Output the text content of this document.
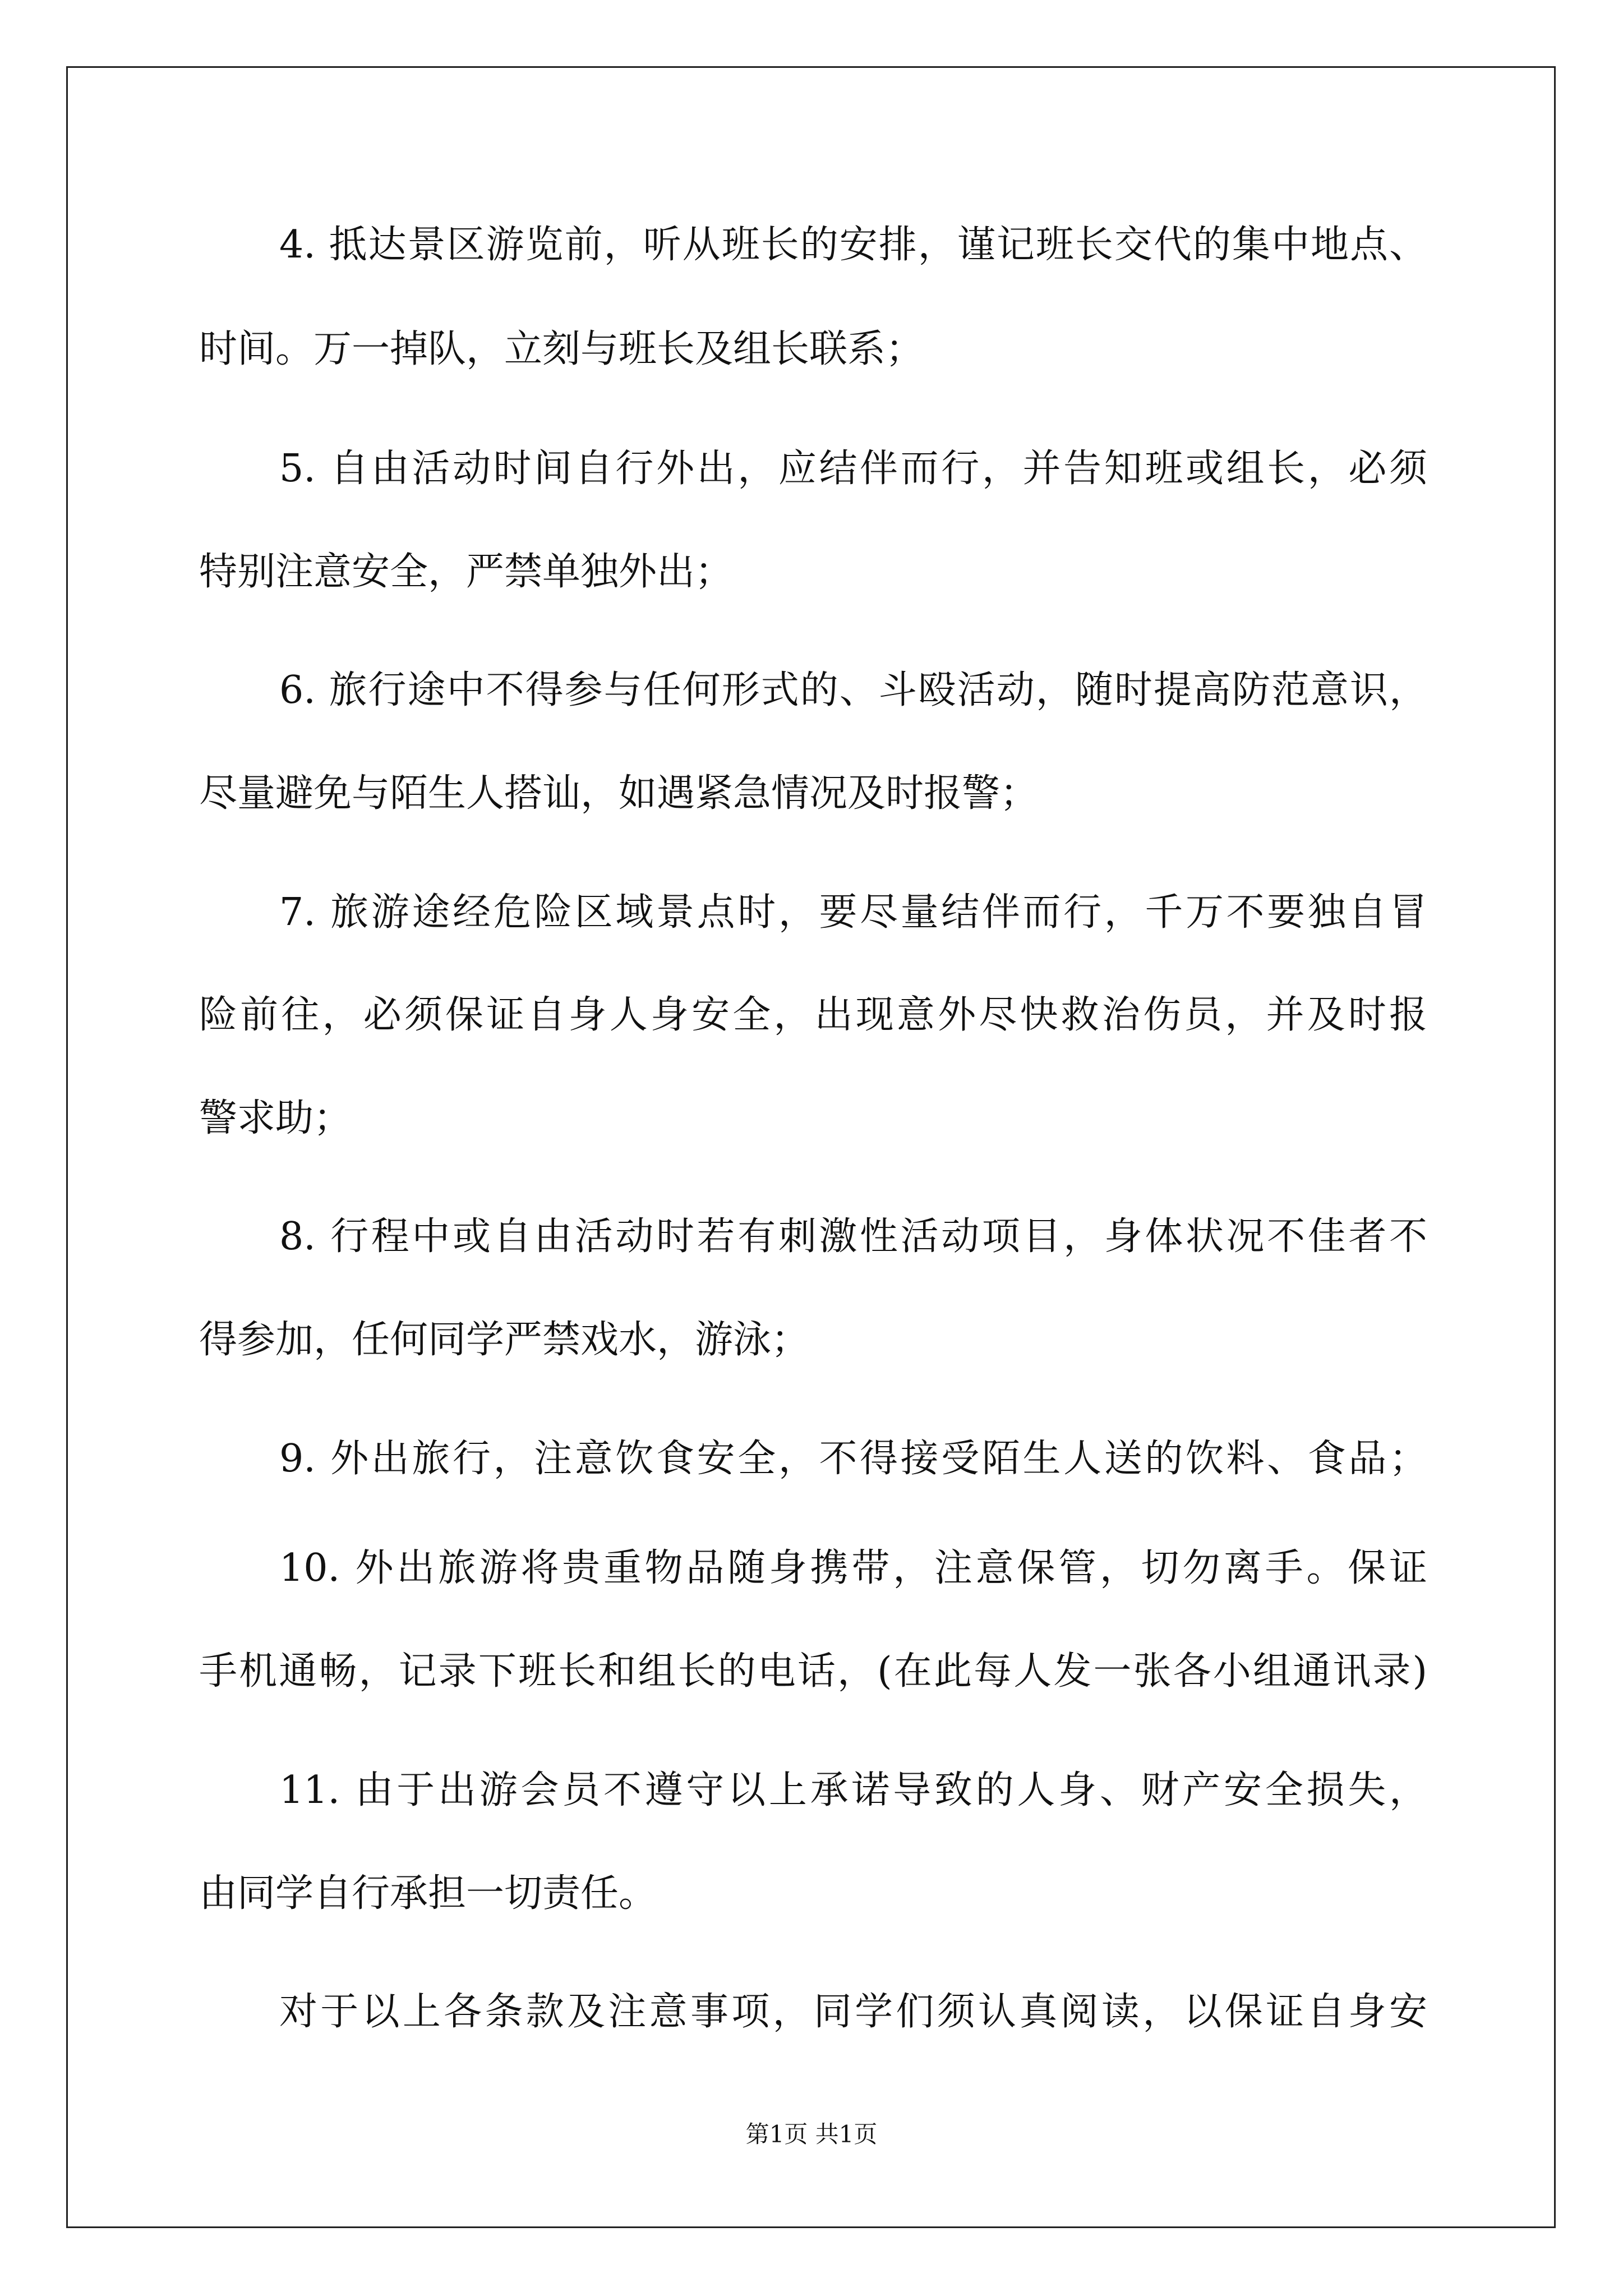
4. 抵达景区游览前，听从班长的安排，谨记班长交代的集中地点、
时间。万一掉队，立刻与班长及组长联系；
5. 自由活动时间自行外出，应结伴而行，并告知班或组长，必须
特别注意安全，严禁单独外出；
6. 旅行途中不得参与任何形式的、斗殴活动，随时提高防范意识，
尽量避免与陌生人搭讪，如遇紧急情况及时报警；
7. 旅游途经危险区域景点时，要尽量结伴而行，千万不要独自冒
险前往，必须保证自身人身安全，出现意外尽快救治伤员，并及时报
警求助；
8. 行程中或自由活动时若有刺激性活动项目，身体状况不佳者不
得参加，任何同学严禁戏水，游泳；
9. 外出旅行，注意饮食安全，不得接受陌生人送的饮料、食品；
10. 外出旅游将贵重物品随身携带，注意保管，切勿离手。保证
手机通畅，记录下班长和组长的电话，(在此每人发一张各小组通讯录)
11. 由于出游会员不遵守以上承诺导致的人身、财产安全损失，
由同学自行承担一切责任。
对于以上各条款及注意事项，同学们须认真阅读，以保证自身安
第1页 共1页
